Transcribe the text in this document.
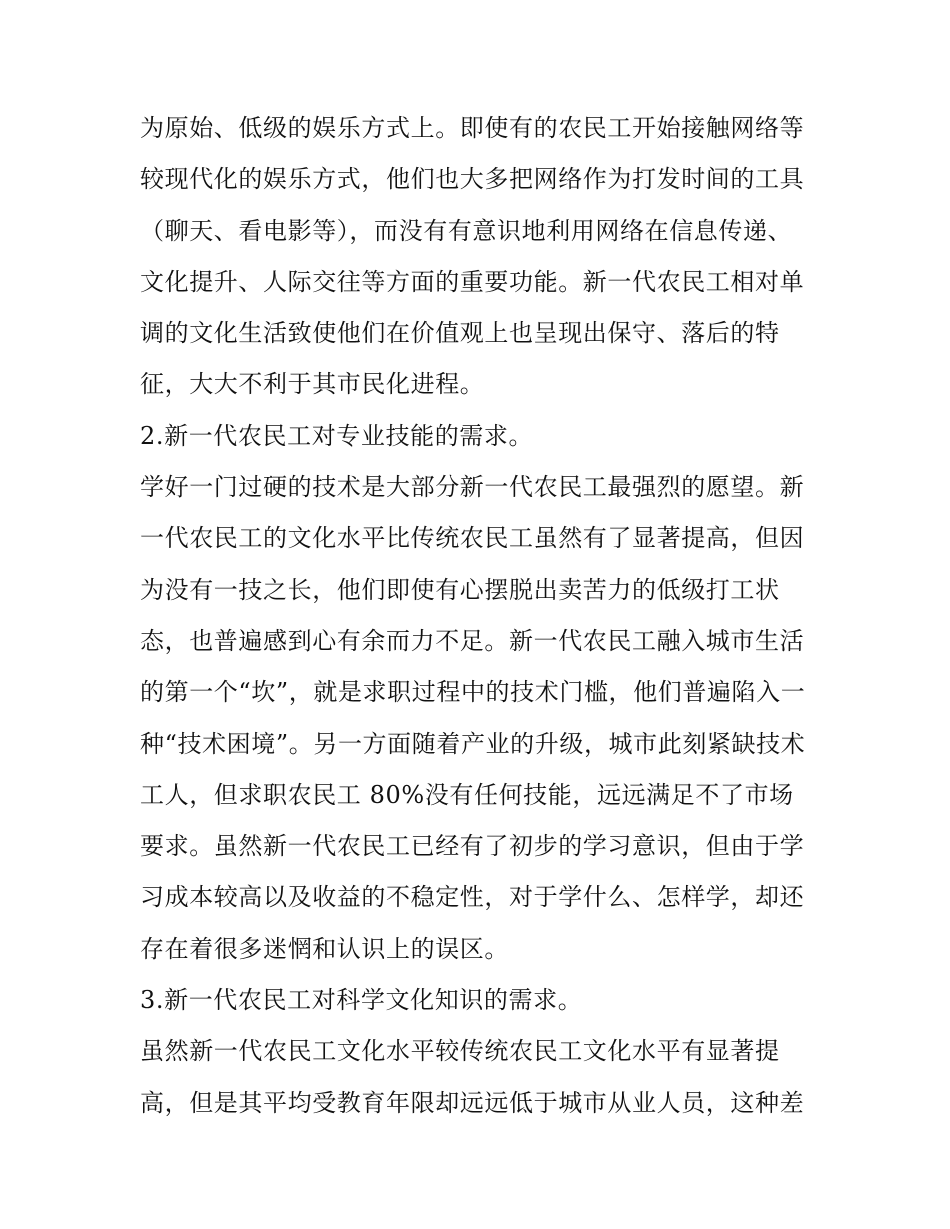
为原始、低级的娱乐方式上。即使有的农民工开始接触网络等
较现代化的娱乐方式，他们也大多把网络作为打发时间的工具
（聊天、看电影等），而没有有意识地利用网络在信息传递、
文化提升、人际交往等方面的重要功能。新一代农民工相对单
调的文化生活致使他们在价值观上也呈现出保守、落后的特
征，大大不利于其市民化进程。
2.新一代农民工对专业技能的需求。
学好一门过硬的技术是大部分新一代农民工最强烈的愿望。新
一代农民工的文化水平比传统农民工虽然有了显著提高，但因
为没有一技之长，他们即使有心摆脱出卖苦力的低级打工状
态，也普遍感到心有余而力不足。新一代农民工融入城市生活
的第一个“坎”，就是求职过程中的技术门槛，他们普遍陷入一
种“技术困境”。另一方面随着产业的升级，城市此刻紧缺技术
工人，但求职农民工 80%没有任何技能，远远满足不了市场
要求。虽然新一代农民工已经有了初步的学习意识，但由于学
习成本较高以及收益的不稳定性，对于学什么、怎样学，却还
存在着很多迷惘和认识上的误区。
3.新一代农民工对科学文化知识的需求。
虽然新一代农民工文化水平较传统农民工文化水平有显著提
高，但是其平均受教育年限却远远低于城市从业人员，这种差
